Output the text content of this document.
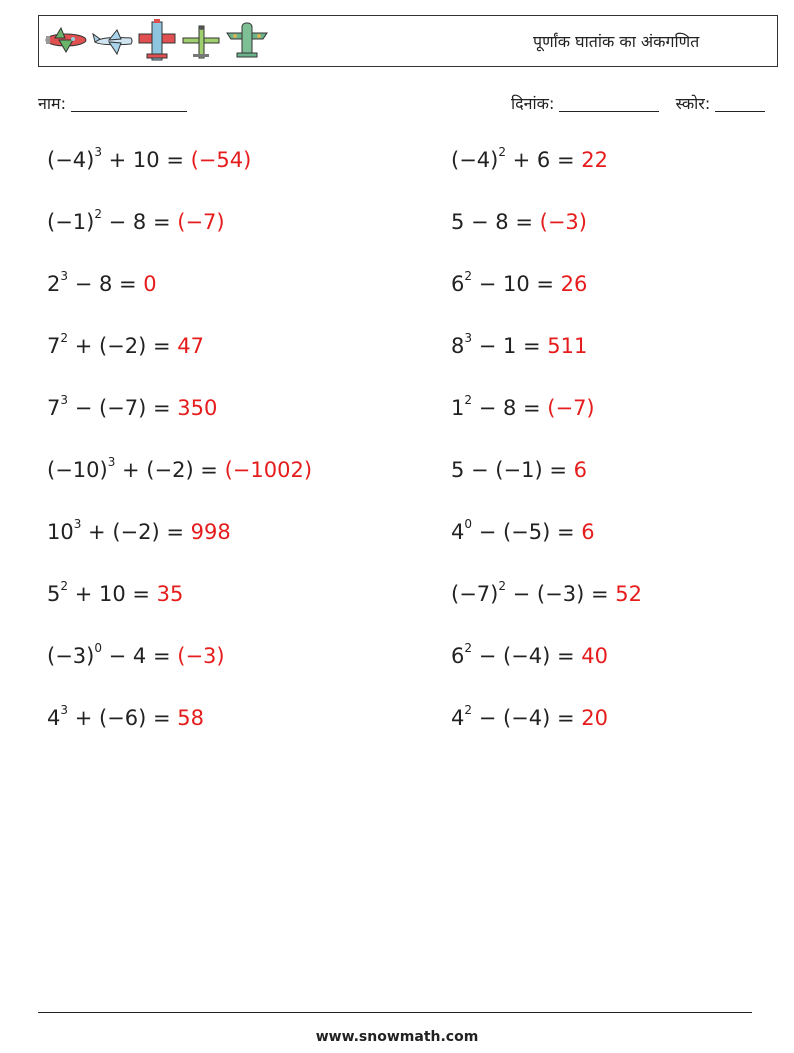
पूर्णांक घातांक का अंकगणित
नाम:	दिनांक:	स्कोर:
$(-4)^3 + 10 = (-54)$	$(-4)^2 + 6 = 22$
$(-1)^2 - 8 = (-7)$	5 − 8 = (−3)
$2^3 - 8 = 0$	$6^2 - 10 = 26$
$7^2 + (-2) = 47$	$8^3 - 1 = 511$
$7^3 - (-7) = 350$	$1^2 - 8 = (-7)$
$(-10)^3 + (-2) = (-1002)$	5 − (−1) = 6
$10^3 + (-2) = 998$	$4^0 - (-5) = 6$
$5^2 + 10 = 35$	$(-7)^2 - (-3) = 52$
$(-3)^0 - 4 = (-3)$	$6^2 - (-4) = 40$
$4^3 + (-6) = 58$	$4^2 - (-4) = 20$
www.snowmath.com
